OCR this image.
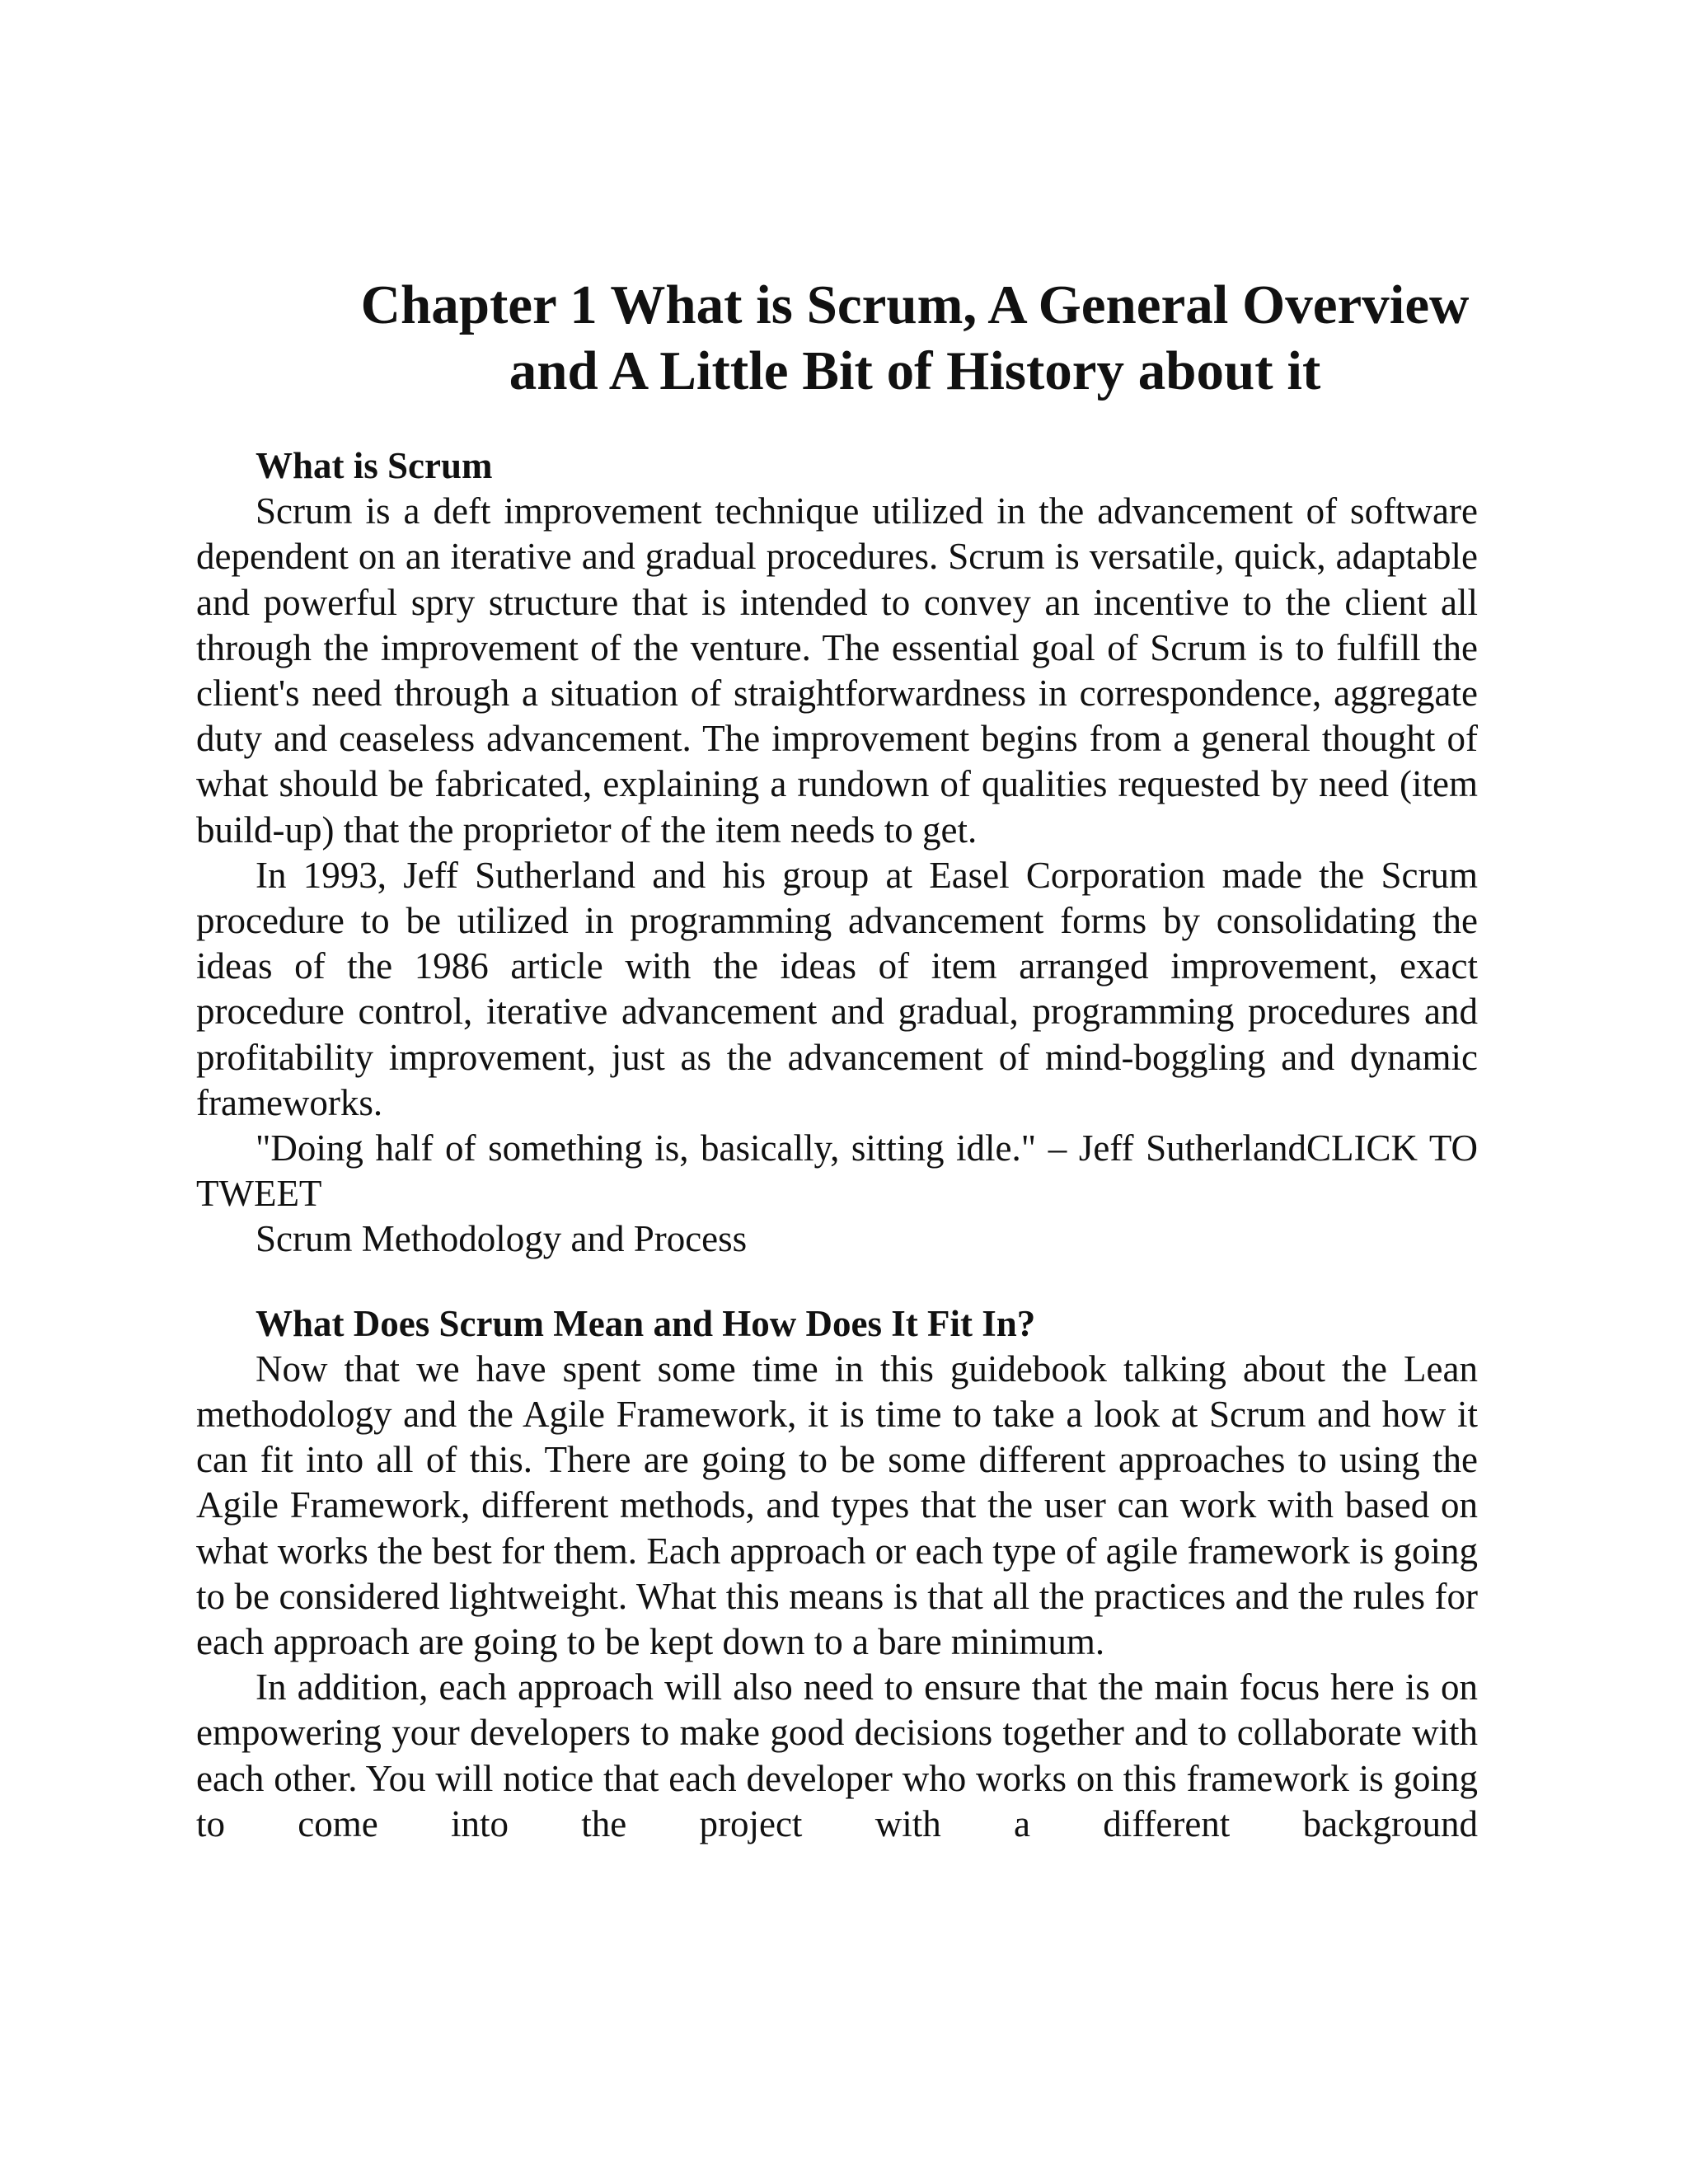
Chapter 1 What is Scrum, A General Overview
and A Little Bit of History about it
What is Scrum

Scrum is a deft improvement technique utilized in the advancement of software dependent on an iterative and gradual procedures. Scrum is versatile, quick, adaptable and powerful spry structure that is intended to convey an incentive to the client all through the improvement of the venture. The essential goal of Scrum is to fulfill the client's need through a situation of straightforwardness in correspondence, aggregate duty and ceaseless advancement. The improvement begins from a general thought of what should be fabricated, explaining a rundown of qualities requested by need (item build-up) that the proprietor of the item needs to get.

In 1993, Jeff Sutherland and his group at Easel Corporation made the Scrum procedure to be utilized in programming advancement forms by consolidating the ideas of the 1986 article with the ideas of item arranged improvement, exact procedure control, iterative advancement and gradual, programming procedures and profitability improvement, just as the advancement of mind-boggling and dynamic frameworks.

"Doing half of something is, basically, sitting idle." – Jeff SutherlandCLICK TO TWEET

Scrum Methodology and Process

What Does Scrum Mean and How Does It Fit In?

Now that we have spent some time in this guidebook talking about the Lean methodology and the Agile Framework, it is time to take a look at Scrum and how it can fit into all of this. There are going to be some different approaches to using the Agile Framework, different methods, and types that the user can work with based on what works the best for them. Each approach or each type of agile framework is going to be considered lightweight. What this means is that all the practices and the rules for each approach are going to be kept down to a bare minimum.

In addition, each approach will also need to ensure that the main focus here is on empowering your developers to make good decisions together and to collaborate with each other. You will notice that each developer who works on this framework is going to come into the project with a different background
